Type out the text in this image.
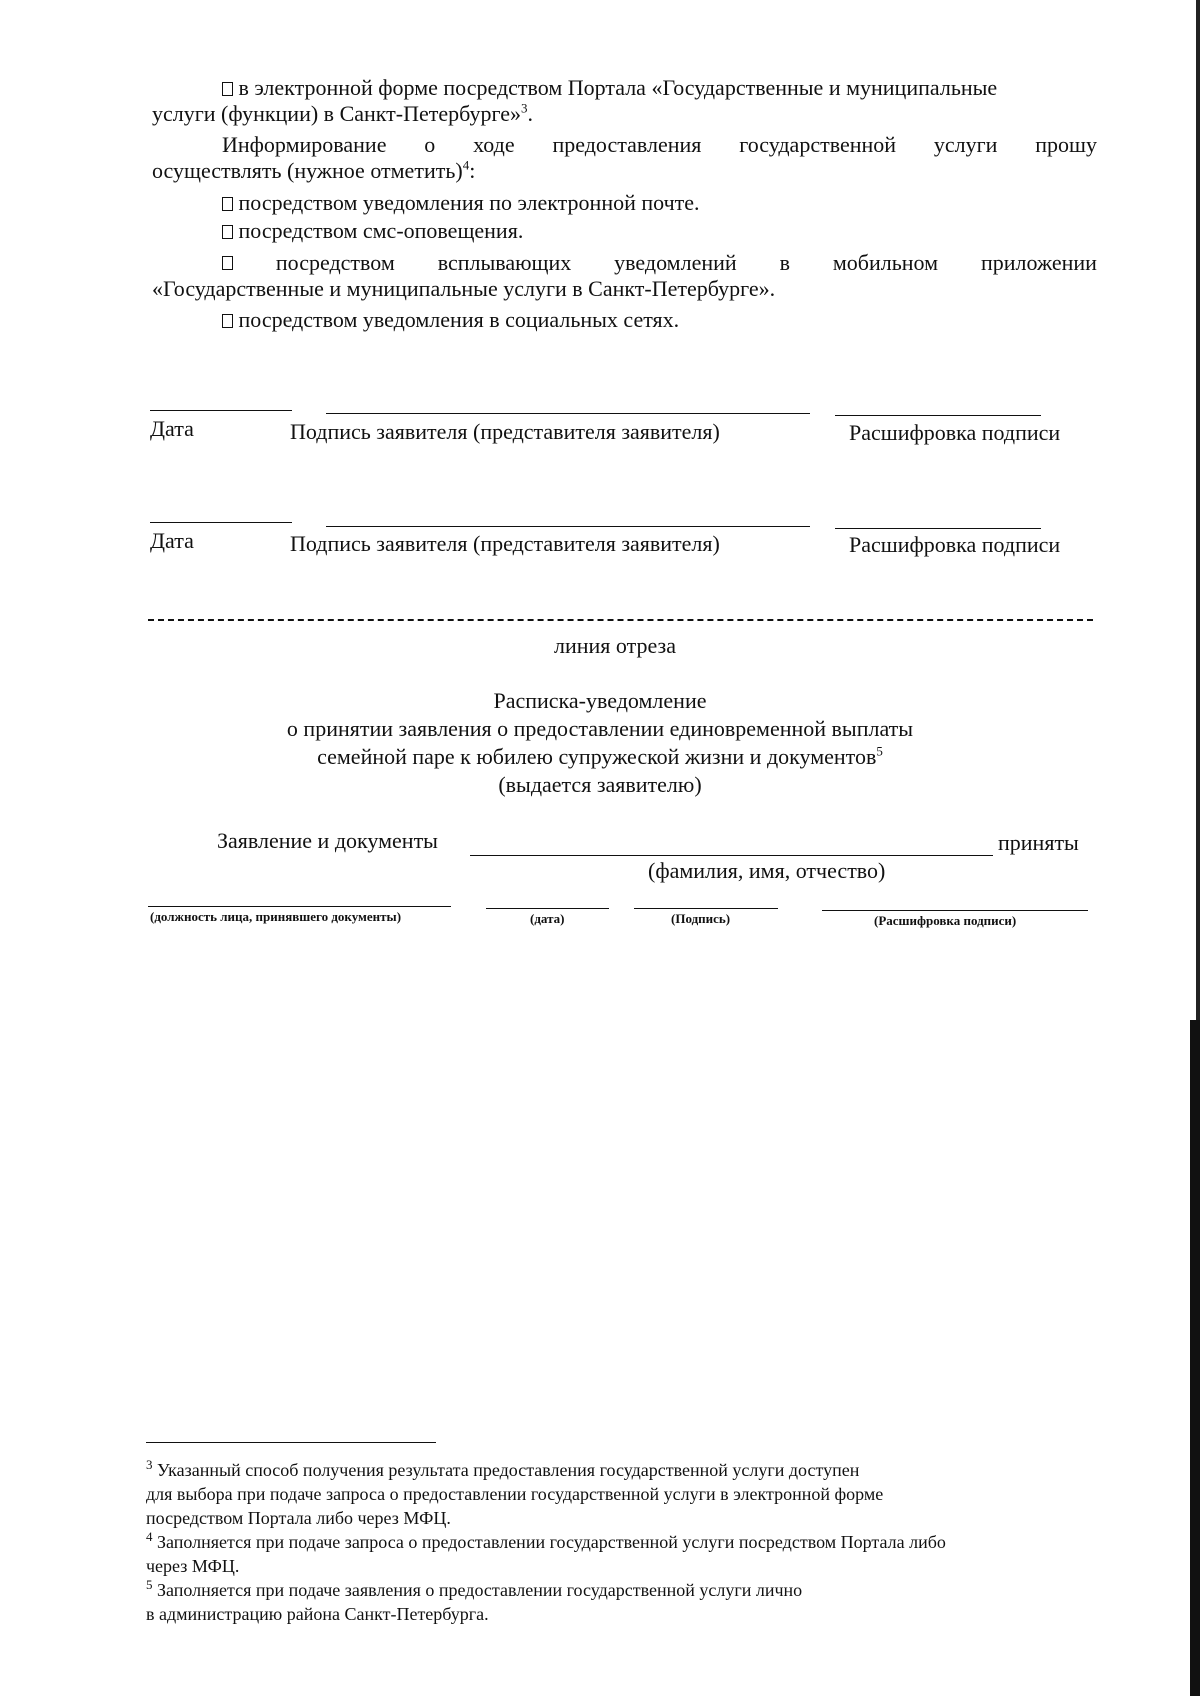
в электронной форме посредством Портала «Государственные и муниципальные
услуги (функции) в Санкт-Петербурге»$^3$.
Информирование о ходе предоставления государственной услуги прошу
осуществлять (нужное отметить)$^4$:
посредством уведомления по электронной почте.
посредством смс-оповещения.
посредством всплывающих уведомлений в мобильном приложении
«Государственные и муниципальные услуги в Санкт-Петербурге».
посредством уведомления в социальных сетях.
Дата	Подпись заявителя (представителя заявителя)	Расшифровка подписи
Дата	Подпись заявителя (представителя заявителя)	Расшифровка подписи
линия отреза
Расписка-уведомление
о принятии заявления о предоставлении единовременной выплаты
семейной паре к юбилею супружеской жизни и документов$^5$
(выдается заявителю)
Заявление и документы	приняты
(фамилия, имя, отчество)
(должность лица, принявшего документы)	(дата)	(Подпись)	(Расшифровка подписи)
$^3$ Указанный способ получения результата предоставления государственной услуги доступен
для выбора при подаче запроса о предоставлении государственной услуги в электронной форме
посредством Портала либо через МФЦ.
$^4$ Заполняется при подаче запроса о предоставлении государственной услуги посредством Портала либо
через МФЦ.
$^5$ Заполняется при подаче заявления о предоставлении государственной услуги лично
в администрацию района Санкт-Петербурга.
